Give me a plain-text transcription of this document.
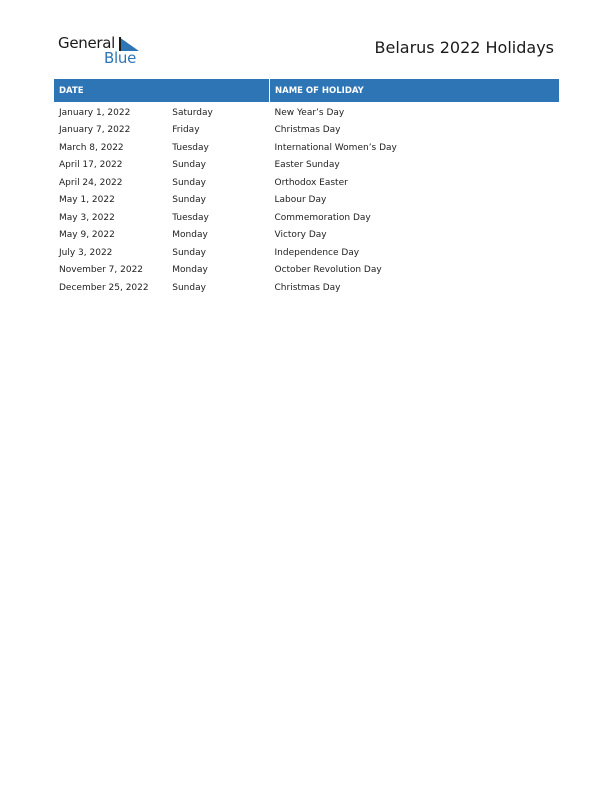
General
Blue
Belarus 2022 Holidays
DATE		NAME OF HOLIDAY
January 1, 2022	Saturday	New Year’s Day
January 7, 2022	Friday	Christmas Day
March 8, 2022	Tuesday	International Women’s Day
April 17, 2022	Sunday	Easter Sunday
April 24, 2022	Sunday	Orthodox Easter
May 1, 2022	Sunday	Labour Day
May 3, 2022	Tuesday	Commemoration Day
May 9, 2022	Monday	Victory Day
July 3, 2022	Sunday	Independence Day
November 7, 2022	Monday	October Revolution Day
December 25, 2022	Sunday	Christmas Day
